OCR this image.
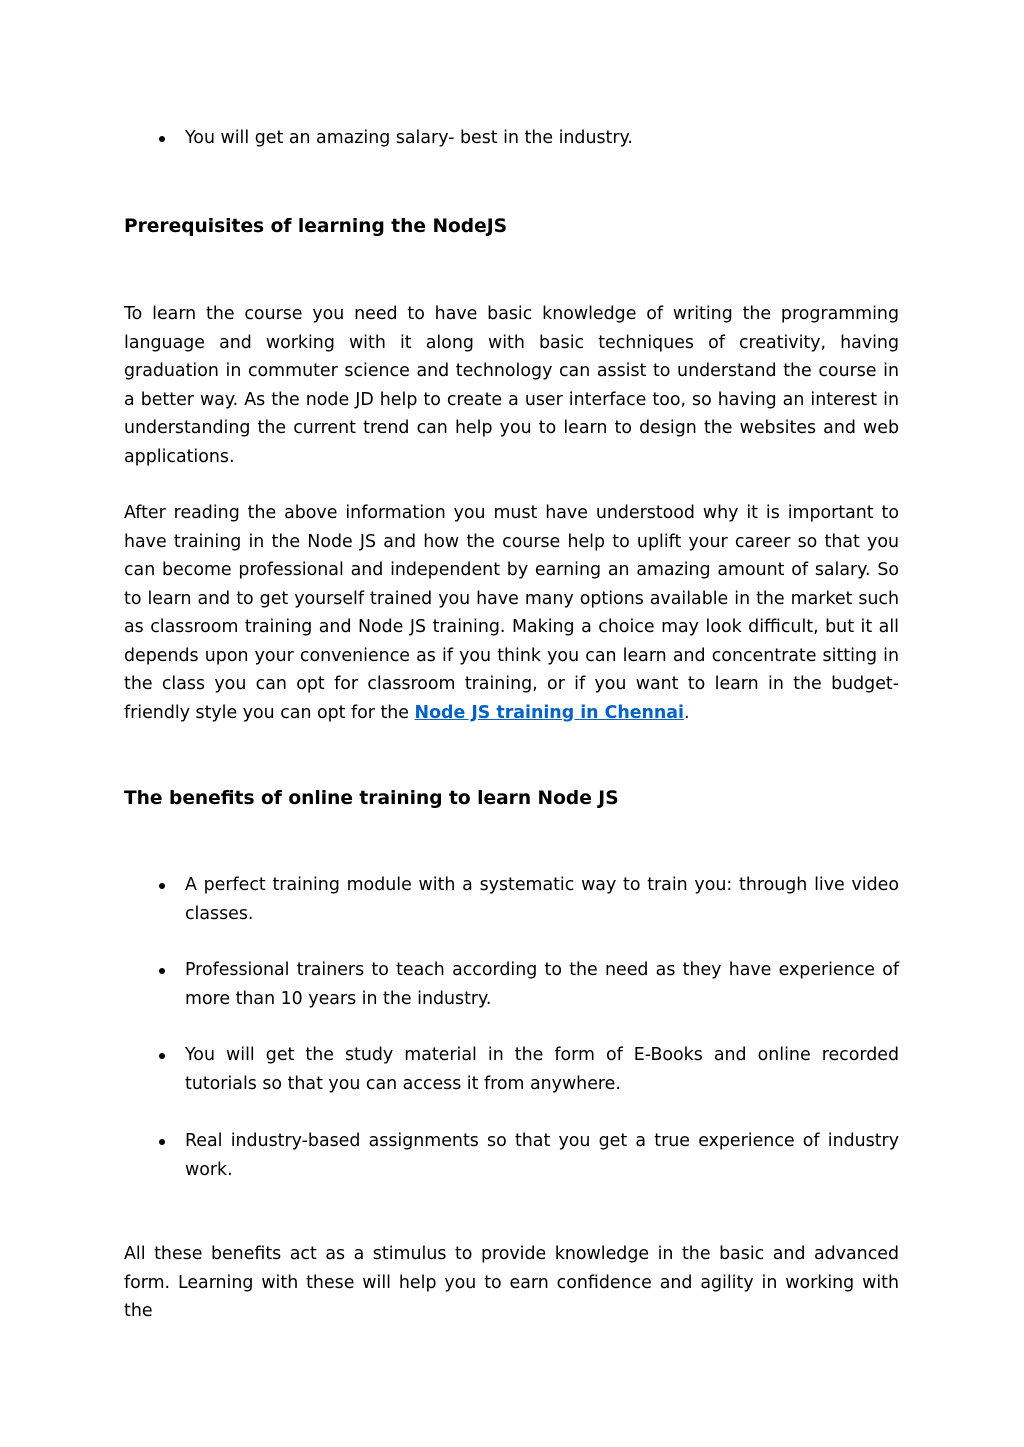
You will get an amazing salary- best in the industry.
Prerequisites of learning the NodeJS
To learn the course you need to have basic knowledge of writing the programming language and working with it along with basic techniques of creativity, having graduation in commuter science and technology can assist to understand the course in a better way. As the node JD help to create a user interface too, so having an interest in understanding the current trend can help you to learn to design the websites and web applications.
After reading the above information you must have understood why it is important to have training in the Node JS and how the course help to uplift your career so that you can become professional and independent by earning an amazing amount of salary. So to learn and to get yourself trained you have many options available in the market such as classroom training and Node JS training. Making a choice may look difficult, but it all depends upon your convenience as if you think you can learn and concentrate sitting in the class you can opt for classroom training, or if you want to learn in the budget-friendly style you can opt for the Node JS training in Chennai.
The benefits of online training to learn Node JS
A perfect training module with a systematic way to train you: through live video classes.
Professional trainers to teach according to the need as they have experience of more than 10 years in the industry.
You will get the study material in the form of E-Books and online recorded tutorials so that you can access it from anywhere.
Real industry-based assignments so that you get a true experience of industry work.
All these benefits act as a stimulus to provide knowledge in the basic and advanced form. Learning with these will help you to earn confidence and agility in working with the
